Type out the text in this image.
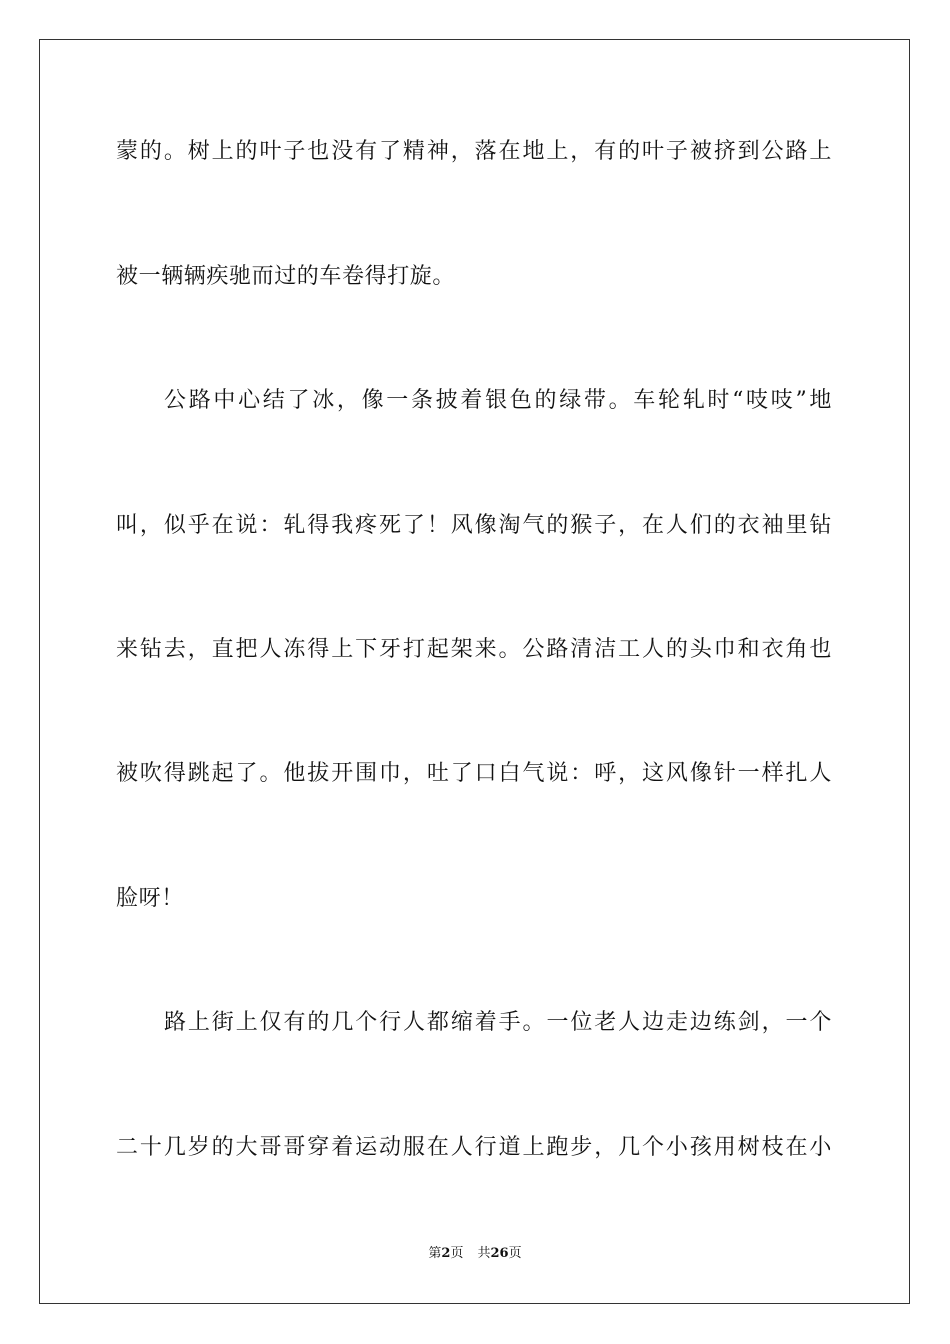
蒙的。树上的叶子也没有了精神，落在地上，有的叶子被挤到公路上
被一辆辆疾驰而过的车卷得打旋。
公路中心结了冰，像一条披着银色的绿带。车轮轧时“吱吱”地
叫，似乎在说：轧得我疼死了！风像淘气的猴子，在人们的衣袖里钻
来钻去，直把人冻得上下牙打起架来。公路清洁工人的头巾和衣角也
被吹得跳起了。他拔开围巾，吐了口白气说：呼，这风像针一样扎人
脸呀！
路上街上仅有的几个行人都缩着手。一位老人边走边练剑，一个
二十几岁的大哥哥穿着运动服在人行道上跑步，几个小孩用树枝在小
第2页 共26页
